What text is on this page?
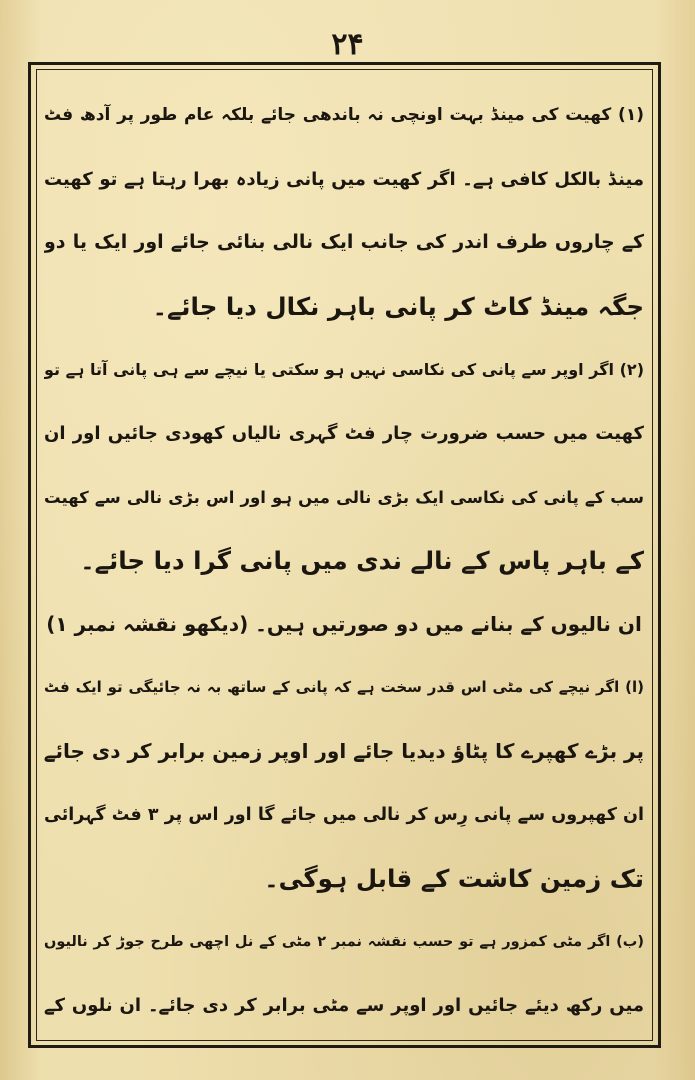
۲۴
(۱) کھیت کی مینڈ بہت اونچی نہ باندھی جائے بلکہ عام طور پر آدھ فٹ
مینڈ بالکل کافی ہے۔ اگر کھیت میں پانی زیادہ بھرا رہتا ہے تو کھیت
کے چاروں طرف اندر کی جانب ایک نالی بنائی جائے اور ایک یا دو
جگہ مینڈ کاٹ کر پانی باہر نکال دیا جائے۔
(۲) اگر اوپر سے پانی کی نکاسی نہیں ہو سکتی یا نیچے سے ہی پانی آتا ہے تو
کھیت میں حسب ضرورت چار فٹ گہری نالیاں کھودی جائیں اور ان
سب کے پانی کی نکاسی ایک بڑی نالی میں ہو اور اس بڑی نالی سے کھیت
کے باہر پاس کے نالے ندی میں پانی گرا دیا جائے۔
ان نالیوں کے بنانے میں دو صورتیں ہیں۔ (دیکھو نقشہ نمبر ۱)
(ا) اگر نیچے کی مٹی اس قدر سخت ہے کہ پانی کے ساتھ بہ نہ جائیگی تو ایک فٹ
پر بڑے کھپرے کا پٹاؤ دیدیا جائے اور اوپر زمین برابر کر دی جائے
ان کھپروں سے پانی رِس کر نالی میں جائے گا اور اس پر ۳ فٹ گہرائی
تک زمین کاشت کے قابل ہوگی۔
(ب) اگر مٹی کمزور ہے تو حسب نقشہ نمبر ۲ مٹی کے نل اچھی طرح جوڑ کر نالیوں
میں رکھ دیئے جائیں اور اوپر سے مٹی برابر کر دی جائے۔ ان نلوں کے
